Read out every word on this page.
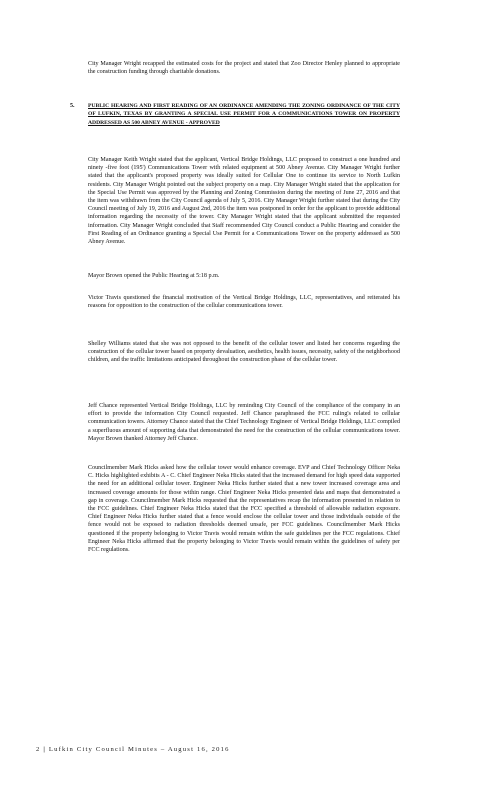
City Manager Wright recapped the estimated costs for the project and stated that Zoo Director Henley planned to appropriate the construction funding through charitable donations.

5. PUBLIC HEARING AND FIRST READING OF AN ORDINANCE AMENDING THE ZONING ORDINANCE OF THE CITY OF LUFKIN, TEXAS BY GRANTING A SPECIAL USE PERMIT FOR A COMMUNICATIONS TOWER ON PROPERTY ADDRESSED AS 500 ABNEY AVENUE - APPROVED

City Manager Keith Wright stated that the applicant, Vertical Bridge Holdings, LLC proposed to construct a one hundred and ninety -five foot (195') Communications Tower with related equipment at 500 Abney Avenue. City Manager Wright further stated that the applicant's proposed property was ideally suited for Cellular One to continue its service to North Lufkin residents. City Manager Wright pointed out the subject property on a map. City Manager Wright stated that the application for the Special Use Permit was approved by the Planning and Zoning Commission during the meeting of June 27, 2016 and that the item was withdrawn from the City Council agenda of July 5, 2016. City Manager Wright further stated that during the City Council meeting of July 19, 2016 and August 2nd, 2016 the item was postponed in order for the applicant to provide additional information regarding the necessity of the tower. City Manager Wright stated that the applicant submitted the requested information. City Manager Wright concluded that Staff recommended City Council conduct a Public Hearing and consider the First Reading of an Ordinance granting a Special Use Permit for a Communications Tower on the property addressed as 500 Abney Avenue.

Mayor Brown opened the Public Hearing at 5:18 p.m.

Victor Travis questioned the financial motivation of the Vertical Bridge Holdings, LLC, representatives, and reiterated his reasons for opposition to the construction of the cellular communications tower.

Shelley Williams stated that she was not opposed to the benefit of the cellular tower and listed her concerns regarding the construction of the cellular tower based on property devaluation, aesthetics, health issues, necessity, safety of the neighborhood children, and the traffic limitations anticipated throughout the construction phase of the cellular tower.

Jeff Chance represented Vertical Bridge Holdings, LLC by reminding City Council of the compliance of the company in an effort to provide the information City Council requested. Jeff Chance paraphrased the FCC ruling's related to cellular communication towers. Attorney Chance stated that the Chief Technology Engineer of Vertical Bridge Holdings, LLC compiled a superfluous amount of supporting data that demonstrated the need for the construction of the cellular communications tower. Mayor Brown thanked Attorney Jeff Chance.

Councilmember Mark Hicks asked how the cellular tower would enhance coverage. EVP and Chief Technology Officer Neka C. Hicks highlighted exhibits A - C. Chief Engineer Neka Hicks stated that the increased demand for high speed data supported the need for an additional cellular tower. Engineer Neka Hicks further stated that a new tower increased coverage area and increased coverage amounts for those within range. Chief Engineer Neka Hicks presented data and maps that demonstrated a gap in coverage. Councilmember Mark Hicks requested that the representatives recap the information presented in relation to the FCC guidelines. Chief Engineer Neka Hicks stated that the FCC specified a threshold of allowable radiation exposure. Chief Engineer Neka Hicks further stated that a fence would enclose the cellular tower and those individuals outside of the fence would not be exposed to radiation thresholds deemed unsafe, per FCC guidelines. Councilmember Mark Hicks questioned if the property belonging to Victor Travis would remain within the safe guidelines per the FCC regulations. Chief Engineer Neka Hicks affirmed that the property belonging to Victor Travis would remain within the guidelines of safety per FCC regulations.

2 | Lufkin City Council Minutes – August 16, 2016
